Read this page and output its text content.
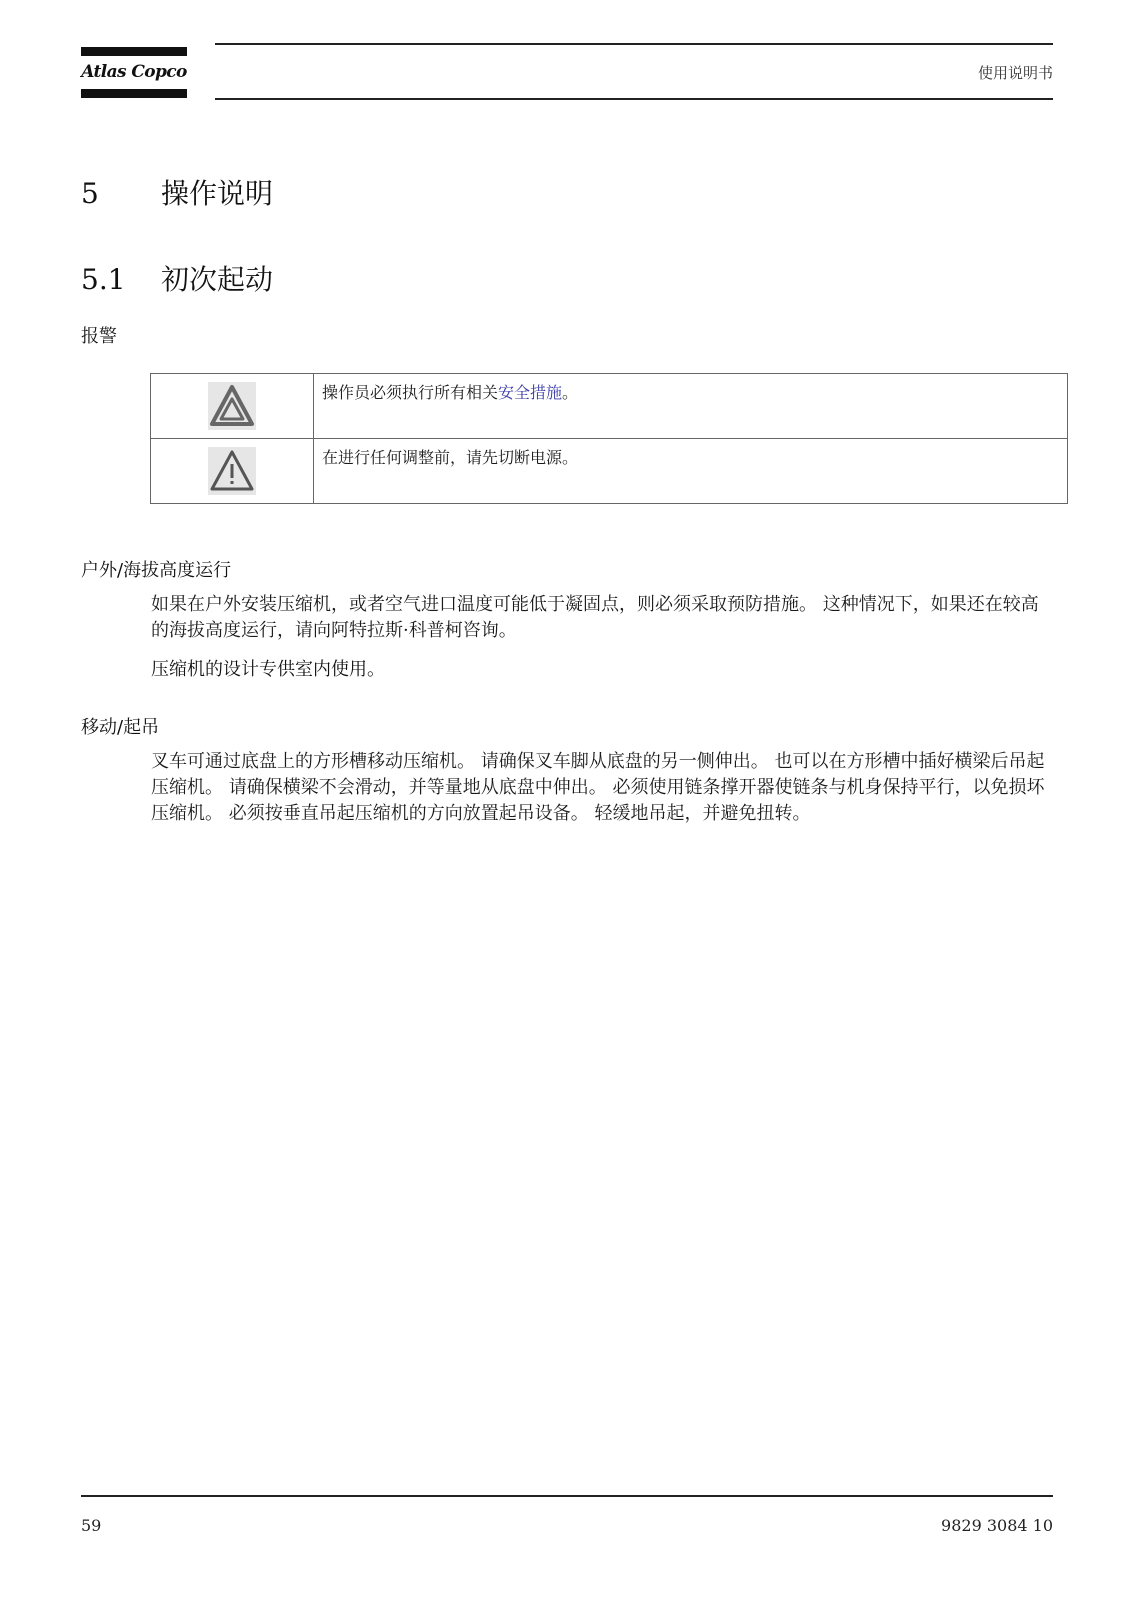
Atlas Copco	使用说明书
5 操作说明
5.1 初次起动
报警
	操作员必须执行所有相关安全措施。
	在进行任何调整前，请先切断电源。
户外/海拔高度运行
如果在户外安装压缩机，或者空气进口温度可能低于凝固点，则必须采取预防措施。 这种情况下，如果还在较高的海拔高度运行，请向阿特拉斯·科普柯咨询。
压缩机的设计专供室内使用。
移动/起吊
叉车可通过底盘上的方形槽移动压缩机。 请确保叉车脚从底盘的另一侧伸出。 也可以在方形槽中插好横梁后吊起压缩机。 请确保横梁不会滑动，并等量地从底盘中伸出。 必须使用链条撑开器使链条与机身保持平行，以免损坏压缩机。 必须按垂直吊起压缩机的方向放置起吊设备。 轻缓地吊起，并避免扭转。
59	9829 3084 10
